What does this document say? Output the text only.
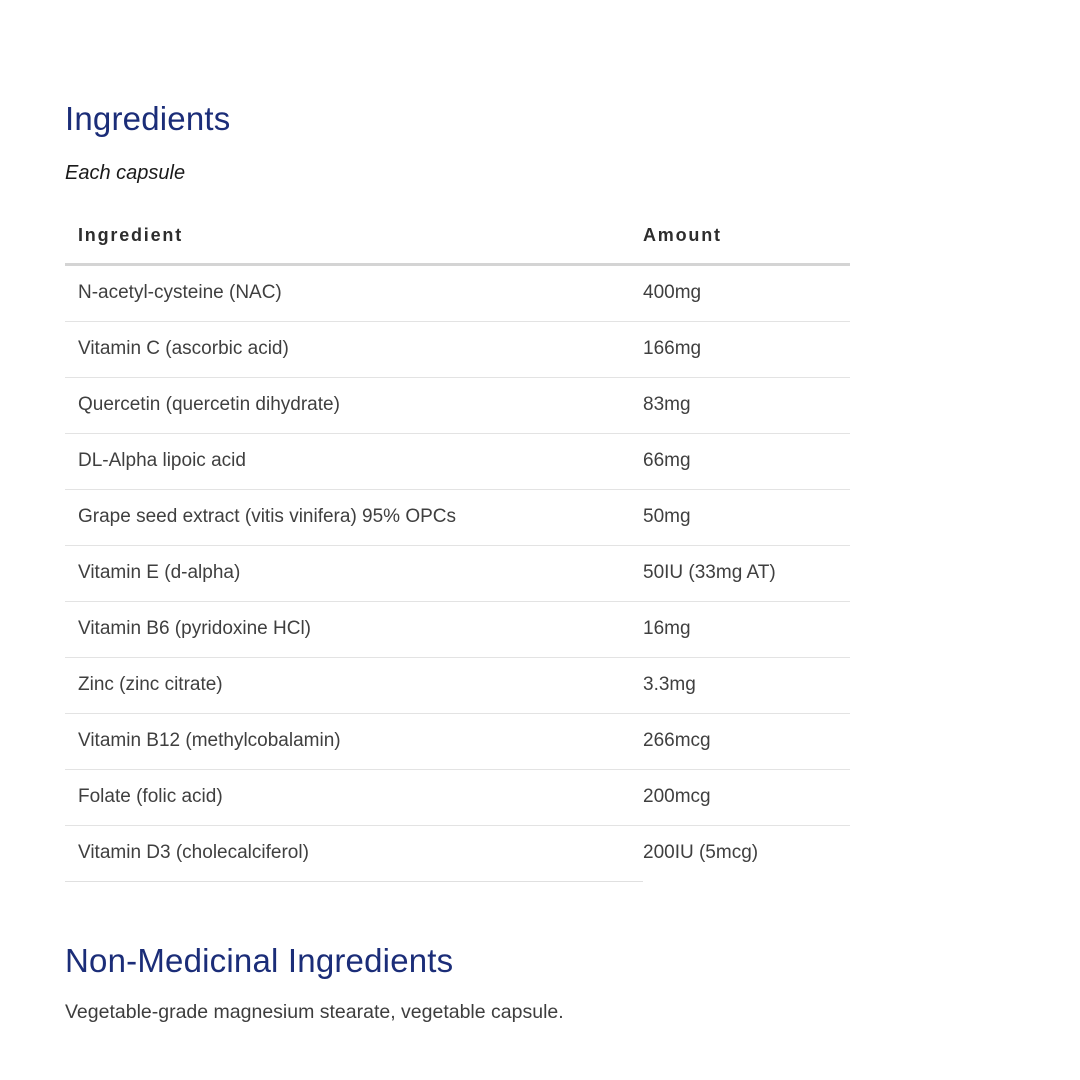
Ingredients

Each capsule

Ingredient	Amount
N-acetyl-cysteine (NAC)	400mg
Vitamin C (ascorbic acid)	166mg
Quercetin (quercetin dihydrate)	83mg
DL-Alpha lipoic acid	66mg
Grape seed extract (vitis vinifera) 95% OPCs	50mg
Vitamin E (d-alpha)	50IU (33mg AT)
Vitamin B6 (pyridoxine HCl)	16mg
Zinc (zinc citrate)	3.3mg
Vitamin B12 (methylcobalamin)	266mcg
Folate (folic acid)	200mcg
Vitamin D3 (cholecalciferol)	200IU (5mcg)
Non-Medicinal Ingredients

Vegetable-grade magnesium stearate, vegetable capsule.
